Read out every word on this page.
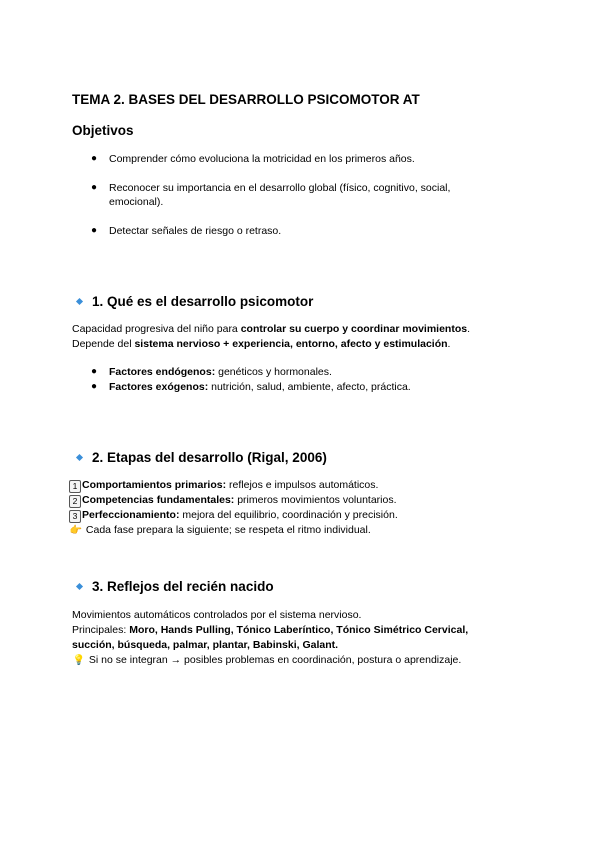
TEMA 2. BASES DEL DESARROLLO PSICOMOTOR AT
Objetivos
● Comprender cómo evoluciona la motricidad en los primeros años.
● Reconocer su importancia en el desarrollo global (físico, cognitivo, social, emocional).
● Detectar señales de riesgo o retraso.
1. Qué es el desarrollo psicomotor
Capacidad progresiva del niño para controlar su cuerpo y coordinar movimientos.
Depende del sistema nervioso + experiencia, entorno, afecto y estimulación.
● Factores endógenos: genéticos y hormonales.
● Factores exógenos: nutrición, salud, ambiente, afecto, práctica.
2. Etapas del desarrollo (Rigal, 2006)
1 Comportamientos primarios: reflejos e impulsos automáticos.
2 Competencias fundamentales: primeros movimientos voluntarios.
3 Perfeccionamiento: mejora del equilibrio, coordinación y precisión.
👉 Cada fase prepara la siguiente; se respeta el ritmo individual.
3. Reflejos del recién nacido
Movimientos automáticos controlados por el sistema nervioso.
Principales: Moro, Hands Pulling, Tónico Laberíntico, Tónico Simétrico Cervical, succión, búsqueda, palmar, plantar, Babinski, Galant.
💡 Si no se integran → posibles problemas en coordinación, postura o aprendizaje.
